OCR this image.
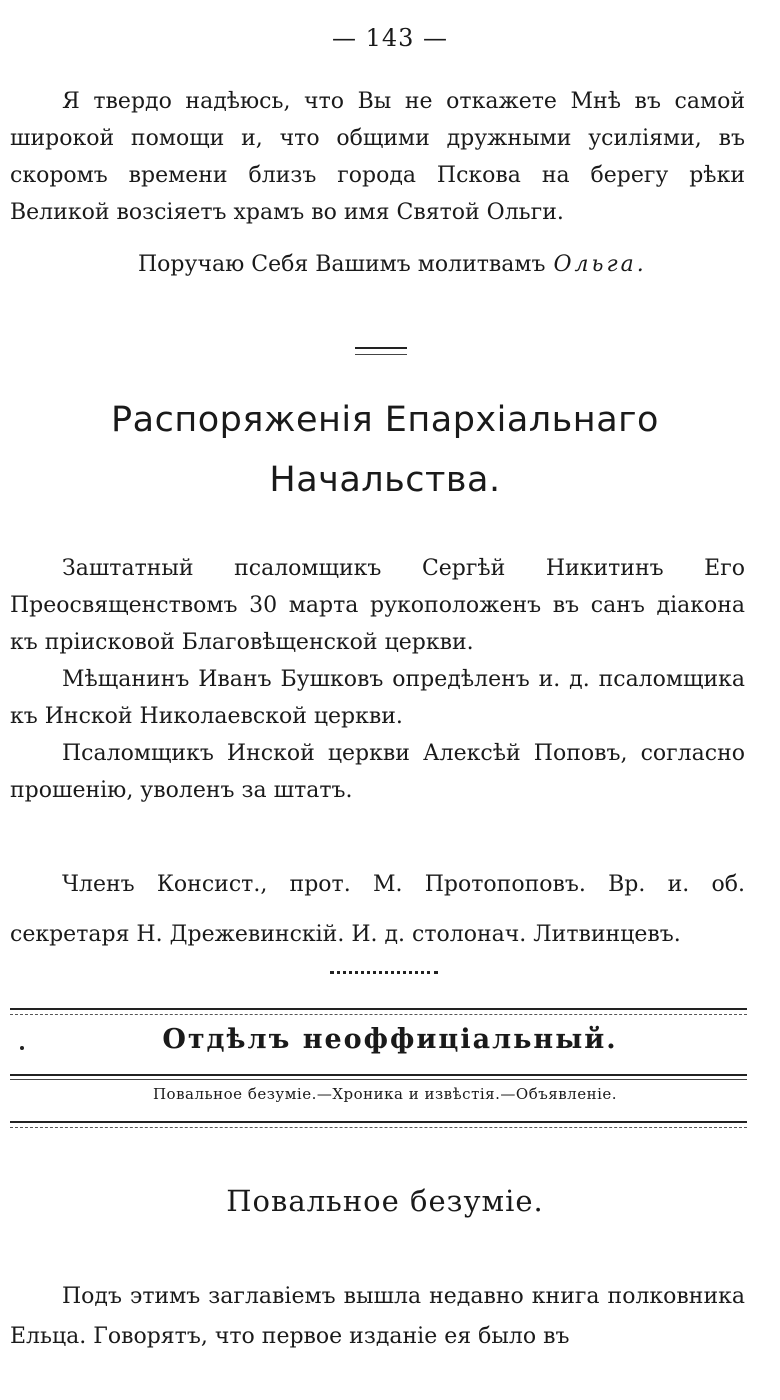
— 143 —

Я твердо надѣюсь, что Вы не откажете Мнѣ въ самой широкой помощи и, что общими дружными усиліями, въ скоромъ времени близъ города Пскова на берегу рѣки Великой возсіяетъ храмъ во имя Святой Ольги.

Поручаю Себя Вашимъ молитвамъ Ольга.
Распоряженія Епархіальнаго Начальства.

Заштатный псаломщикъ Сергѣй Никитинъ Его Преосвященствомъ 30 марта рукоположенъ въ санъ діакона къ пріисковой Благовѣщенской церкви.

Мѣщанинъ Иванъ Бушковъ опредѣленъ и. д. псаломщика къ Инской Николаевской церкви.

Псаломщикъ Инской церкви Алексѣй Поповъ, согласно прошенію, уволенъ за штатъ.

Членъ Консист., прот. М. Протопоповъ. Вр. и. об. секретаря Н. Дрежевинскій. И. д. столонач. Литвинцевъ.

Отдѣлъ неоффиціальный.
Повальное безуміе.—Хроника и извѣстія.—Объявленіе.
Повальное безуміе.

Подъ этимъ заглавіемъ вышла недавно книга полковника Ельца. Говорятъ, что первое изданіе ея было въ
